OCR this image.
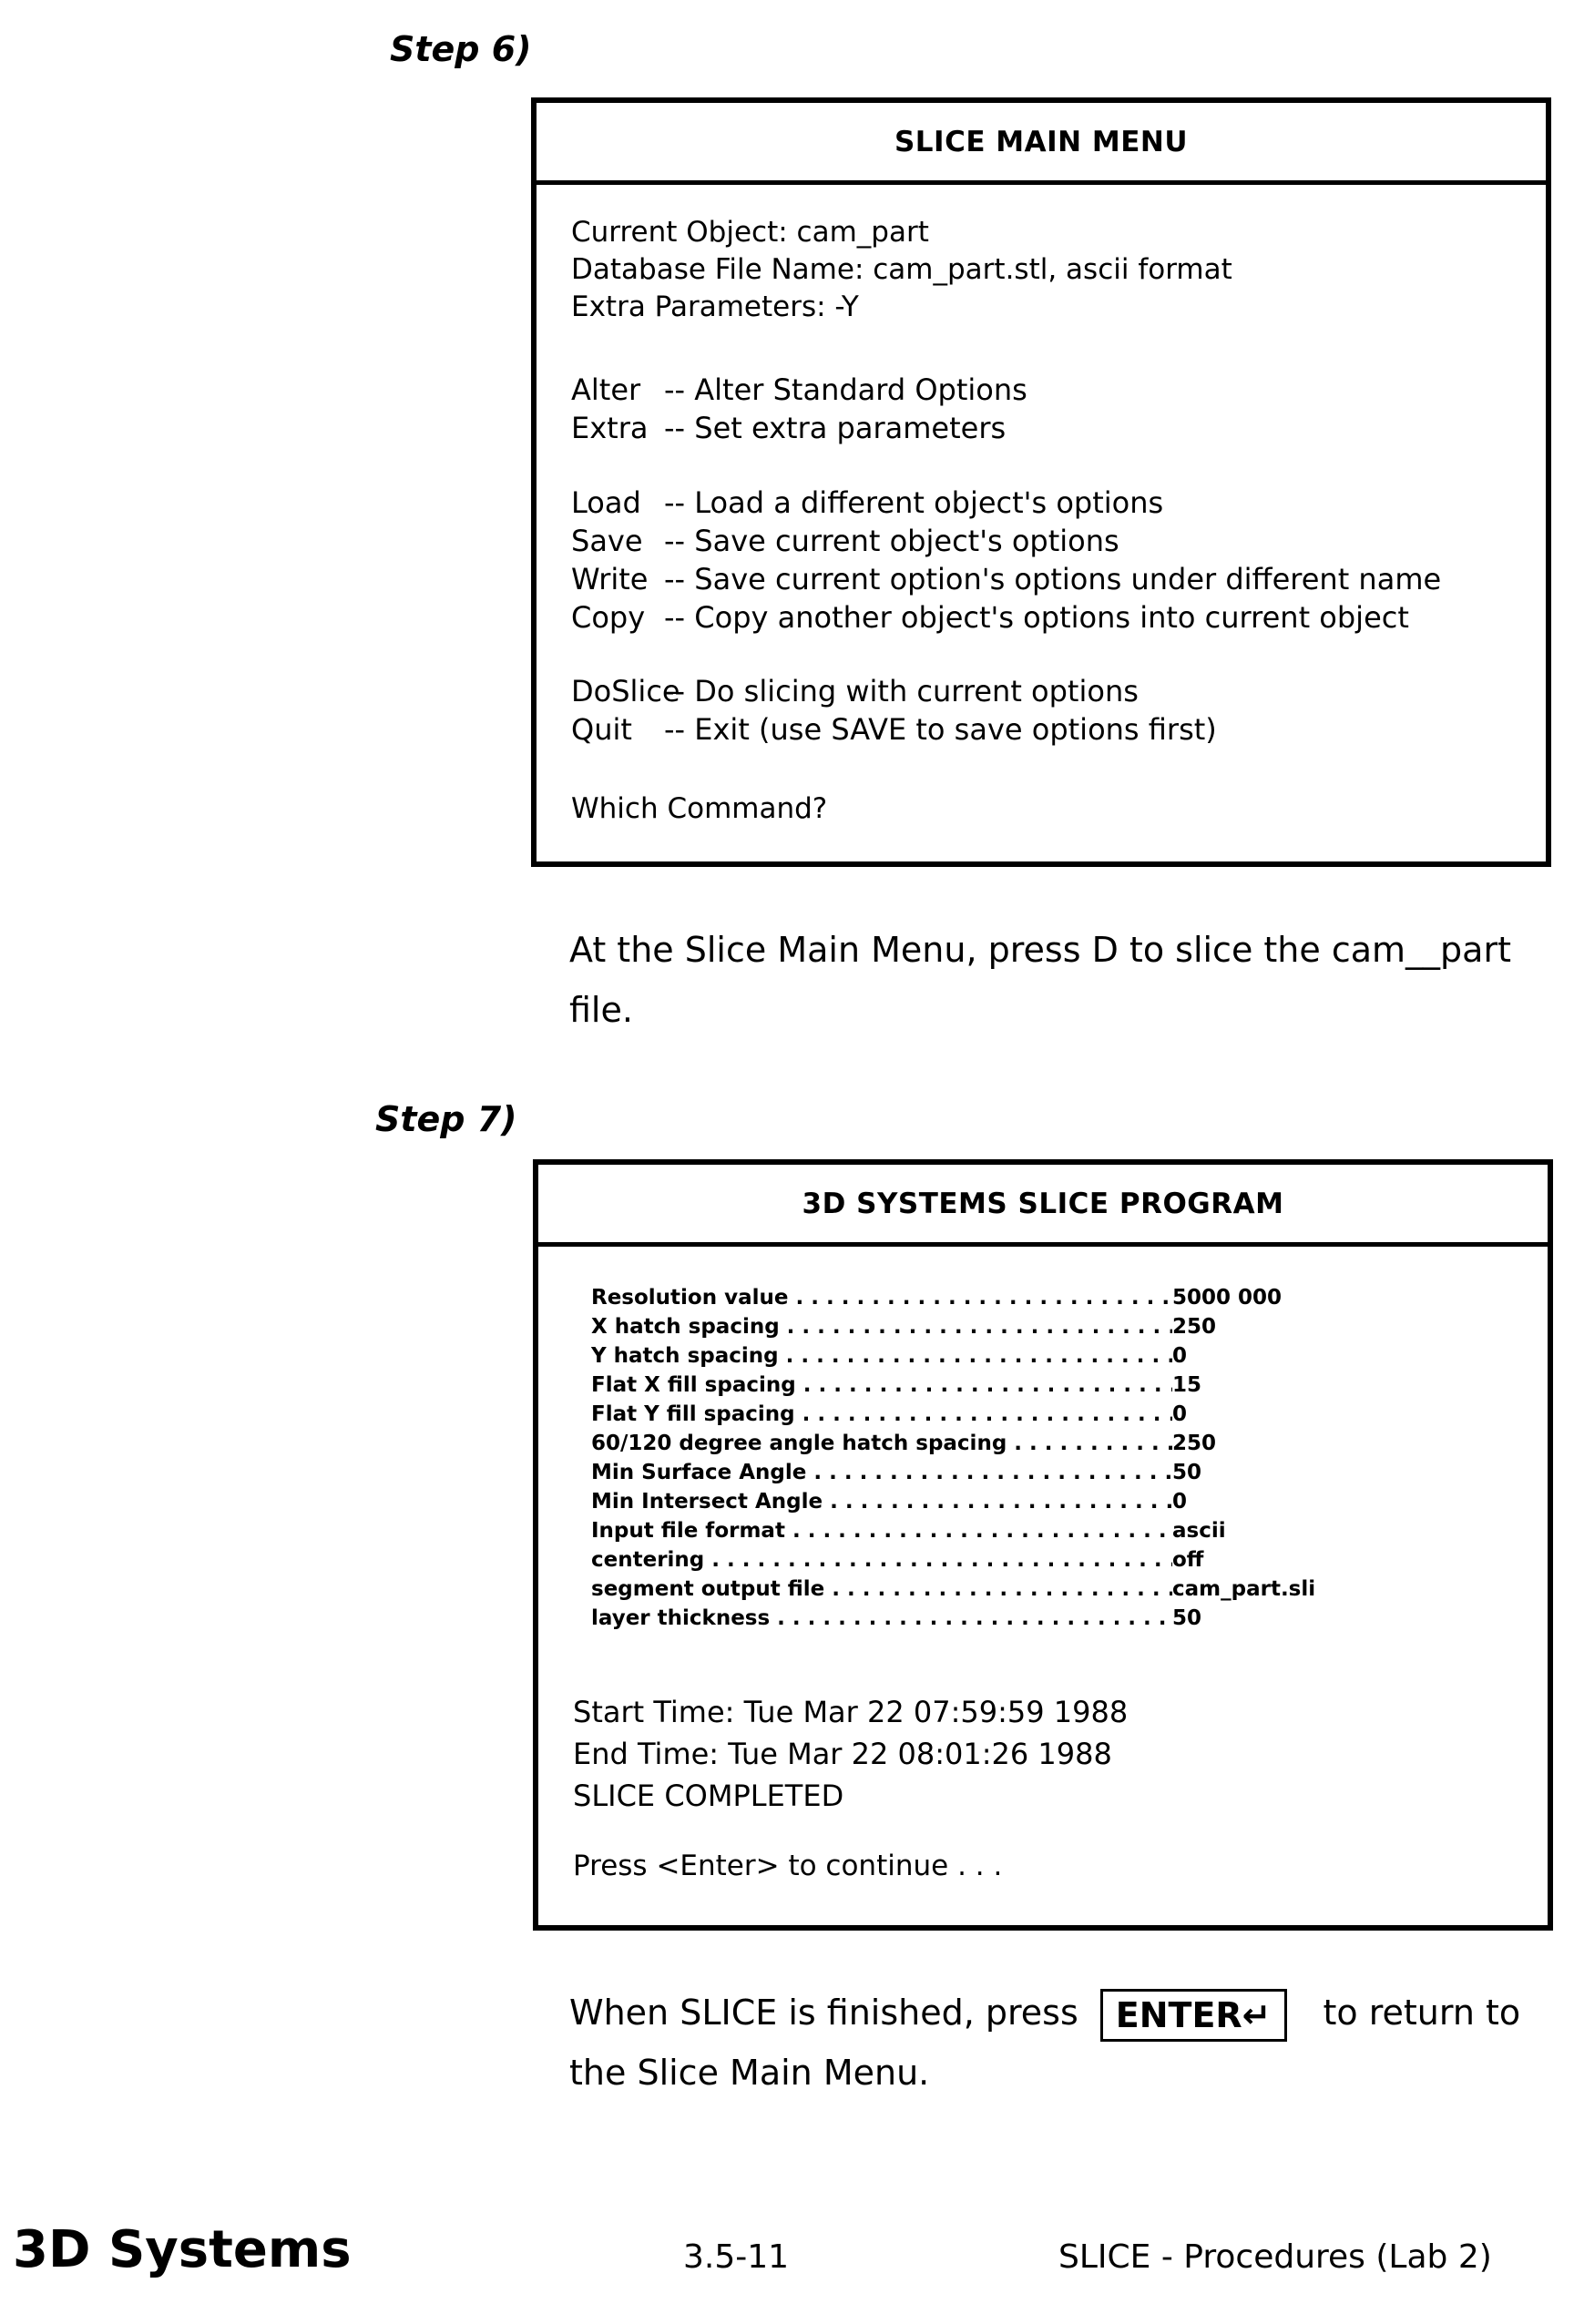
Step 6)
SLICE MAIN MENU
Current Object: cam_part
Database File Name: cam_part.stl, ascii format
Extra Parameters: -Y
Alter -- Alter Standard Options
Extra -- Set extra parameters
Load -- Load a different object's options
Save -- Save current object's options
Write -- Save current option's options under different name
Copy -- Copy another object's options into current object
DoSlice
-- Do slicing with current options
Quit	-- Exit (use SAVE to save options first)
Which Command?
At the Slice Main Menu, press D to slice the cam__part file.
Step 7)
3D SYSTEMS SLICE PROGRAM
Resolution value . . . . . . . . . . . . . . . . . . . . . . . . . 5000 000
X hatch spacing . . . . . . . . . . . . . . . . . . . . . . . . . 250
Y hatch spacing . . . . . . . . . . . . . . . . . . . . . . . . . 0
Flat X fill spacing . . . . . . . . . . . . . . . . . . . . . . . . 15
Flat Y fill spacing . . . . . . . . . . . . . . . . . . . . . . . . 0
60/120 degree angle hatch spacing . . . . . . . . . . 250
Min Surface Angle . . . . . . . . . . . . . . . . . . . . . . . . 50
Min Intersect Angle . . . . . . . . . . . . . . . . . . . . . . 0
Input file format . . . . . . . . . . . . . . . . . . . . . . . . . ascii
centering . . . . . . . . . . . . . . . . . . . . . . . . . . . . . . off
segment output file . . . . . . . . . . . . . . . . . . . . . . cam_part.sli
layer thickness . . . . . . . . . . . . . . . . . . . . . . . . . . 50
Start Time: Tue Mar 22 07:59:59 1988
End Time: Tue Mar 22 08:01:26 1988
SLICE COMPLETED
Press <Enter> to continue . . .
When SLICE is finished, press ENTER↵ to return to the Slice Main Menu.
3D Systems	3.5-11	SLICE - Procedures (Lab 2)
